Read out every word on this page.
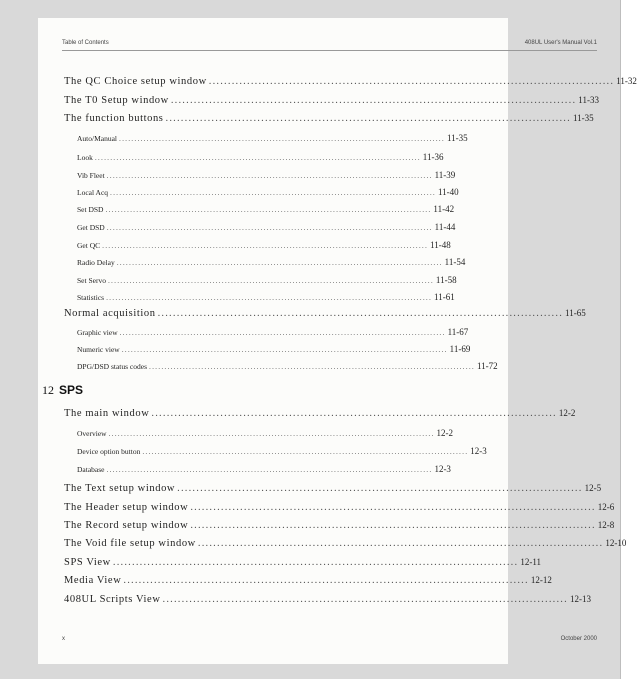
Table of Contents	408UL User's Manual Vol.1
The QC Choice setup window .......................................................................................................... 11-32
The T0 Setup window .......................................................................................................... 11-33
The function buttons .......................................................................................................... 11-35
Auto/Manual .......................................................................................................... 11-35
Look .......................................................................................................... 11-36
Vib Fleet .......................................................................................................... 11-39
Local Acq .......................................................................................................... 11-40
Set DSD .......................................................................................................... 11-42
Get DSD .......................................................................................................... 11-44
Get QC .......................................................................................................... 11-48
Radio Delay .......................................................................................................... 11-54
Set Servo .......................................................................................................... 11-58
Statistics .......................................................................................................... 11-61
Normal acquisition .......................................................................................................... 11-65
Graphic view .......................................................................................................... 11-67
Numeric view .......................................................................................................... 11-69
DPG/DSD status codes .......................................................................................................... 11-72
12 SPS
The main window .......................................................................................................... 12-2
Overview .......................................................................................................... 12-2
Device option button .......................................................................................................... 12-3
Database .......................................................................................................... 12-3
The Text setup window .......................................................................................................... 12-5
The Header setup window .......................................................................................................... 12-6
The Record setup window .......................................................................................................... 12-8
The Void file setup window .......................................................................................................... 12-10
SPS View .......................................................................................................... 12-11
Media View .......................................................................................................... 12-12
408UL Scripts View .......................................................................................................... 12-13
x	October 2000
